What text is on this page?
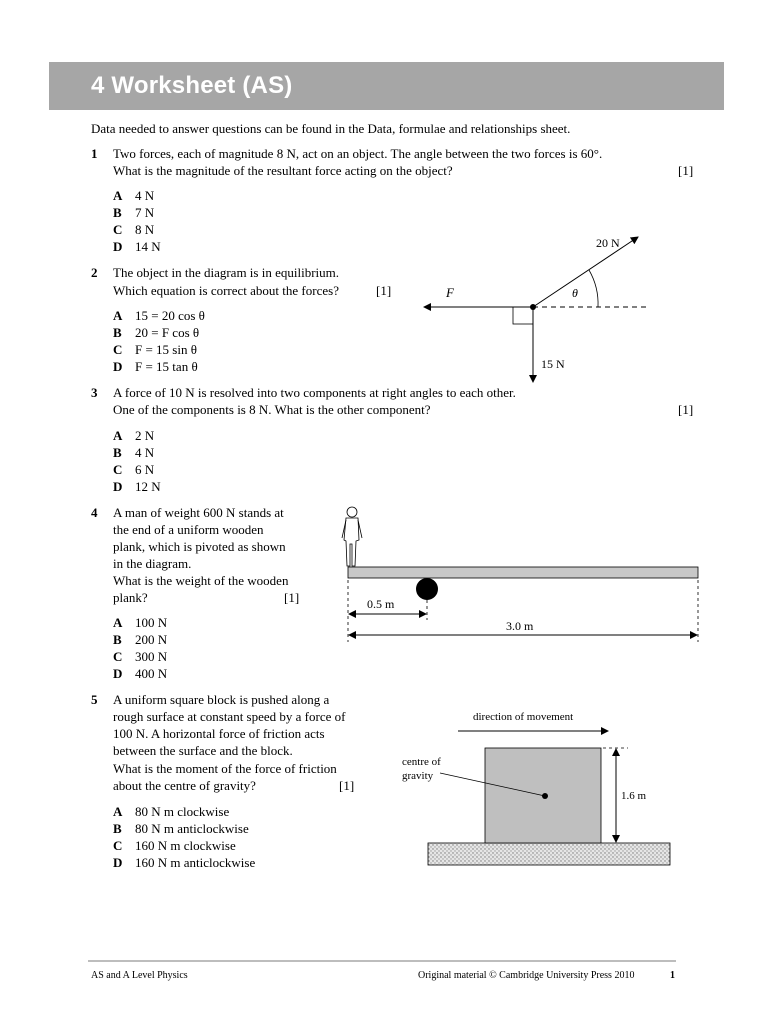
4 Worksheet (AS)
Data needed to answer questions can be found in the Data, formulae and relationships sheet.
1 Two forces, each of magnitude 8 N, act on an object. The angle between the two forces is 60°.
What is the magnitude of the resultant force acting on the object?	[1]
A 4 N
B 7 N
C 8 N
D 14 N
2 The object in the diagram is in equilibrium.
Which equation is correct about the forces?	[1]
A 15 = 20 cos θ
B 20 = F cos θ
C F = 15 sin θ
D F = 15 tan θ
20 N
F
15 N
θ
3 A force of 10 N is resolved into two components at right angles to each other.
One of the components is 8 N. What is the other component?	[1]
A 2 N
B 4 N
C 6 N
D 12 N
4 A man of weight 600 N stands at
the end of a uniform wooden
plank, which is pivoted as shown
in the diagram.
What is the weight of the wooden
plank?	[1]
A 100 N
B 200 N
C 300 N
D 400 N
0.5 m
3.0 m
5 A uniform square block is pushed along a
rough surface at constant speed by a force of
100 N. A horizontal force of friction acts
between the surface and the block.
What is the moment of the force of friction
about the centre of gravity?	[1]
A 80 N m clockwise
B 80 N m anticlockwise
C 160 N m clockwise
D 160 N m anticlockwise
direction of movement
centre of
gravity
1.6 m
AS and A Level Physics	Original material © Cambridge University Press 2010	1
